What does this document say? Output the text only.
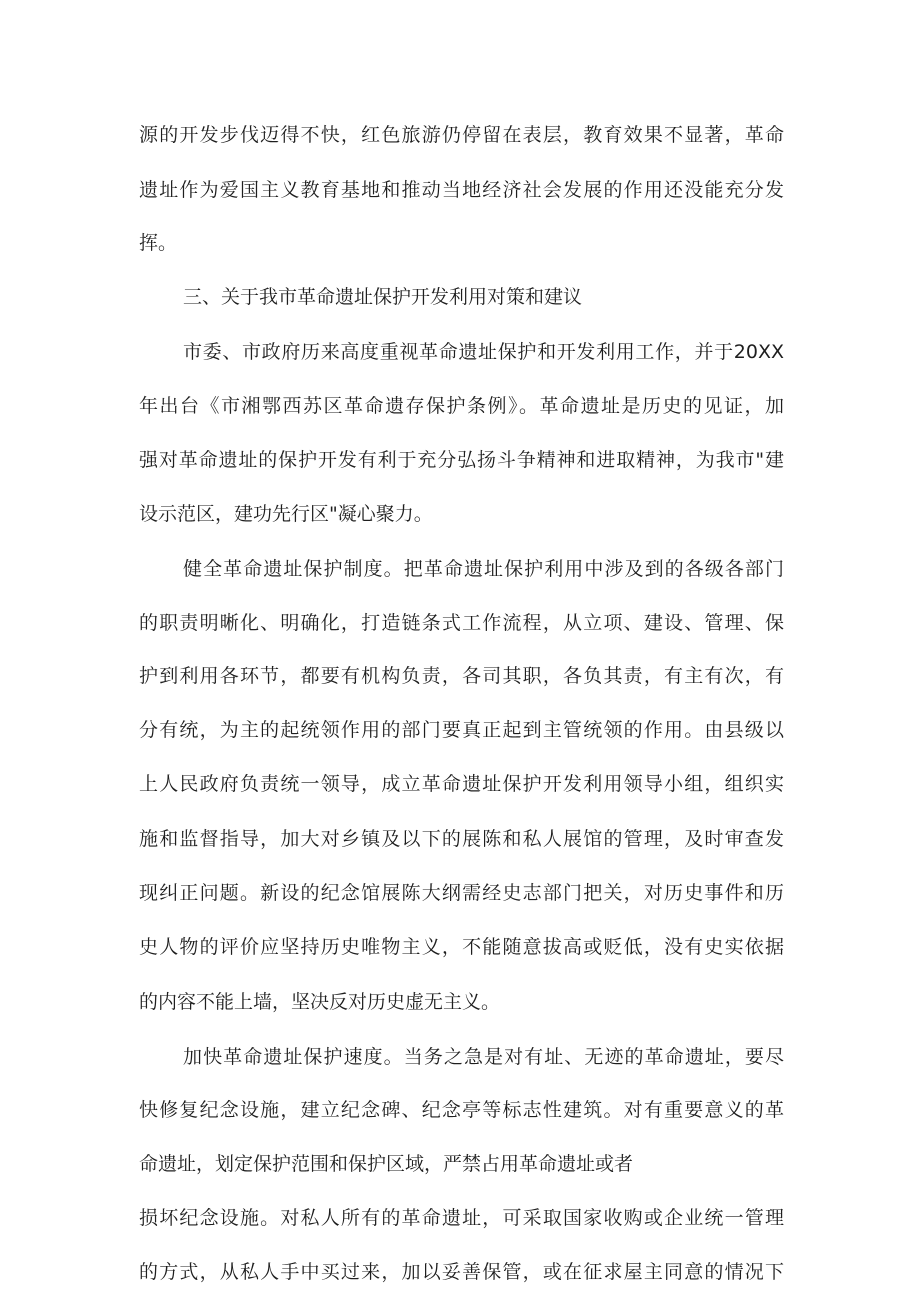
源的开发步伐迈得不快，红色旅游仍停留在表层，教育效果不显著，革命
遗址作为爱国主义教育基地和推动当地经济社会发展的作用还没能充分发
挥。
三、关于我市革命遗址保护开发利用对策和建议
市委、市政府历来高度重视革命遗址保护和开发利用工作，并于20XX
年出台《市湘鄂西苏区革命遗存保护条例》。革命遗址是历史的见证，加
强对革命遗址的保护开发有利于充分弘扬斗争精神和进取精神，为我市"建
设示范区，建功先行区"凝心聚力。
健全革命遗址保护制度。把革命遗址保护利用中涉及到的各级各部门
的职责明晰化、明确化，打造链条式工作流程，从立项、建设、管理、保
护到利用各环节，都要有机构负责，各司其职，各负其责，有主有次，有
分有统，为主的起统领作用的部门要真正起到主管统领的作用。由县级以
上人民政府负责统一领导，成立革命遗址保护开发利用领导小组，组织实
施和监督指导，加大对乡镇及以下的展陈和私人展馆的管理，及时审查发
现纠正问题。新设的纪念馆展陈大纲需经史志部门把关，对历史事件和历
史人物的评价应坚持历史唯物主义，不能随意拔高或贬低，没有史实依据
的内容不能上墙，坚决反对历史虚无主义。
加快革命遗址保护速度。当务之急是对有址、无迹的革命遗址，要尽
快修复纪念设施，建立纪念碑、纪念亭等标志性建筑。对有重要意义的革
命遗址，划定保护范围和保护区域，严禁占用革命遗址或者
损坏纪念设施。对私人所有的革命遗址，可采取国家收购或企业统一管理
的方式，从私人手中买过来，加以妥善保管，或在征求屋主同意的情况下
